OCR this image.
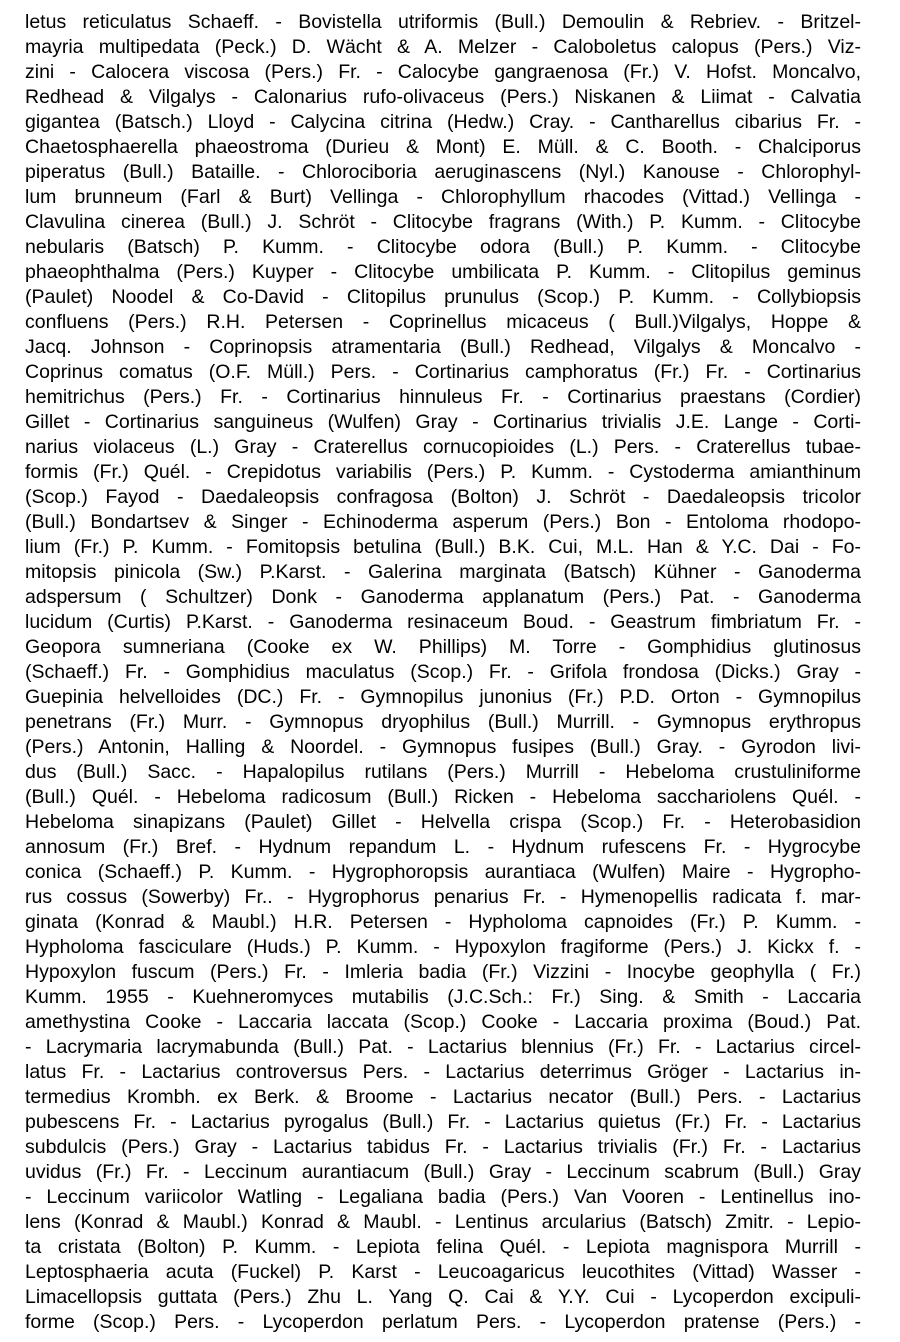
letus reticulatus Schaeff. - Bovistella utriformis (Bull.) Demoulin & Rebriev. - Britzel-
mayria multipedata (Peck.) D. Wächt & A. Melzer - Caloboletus calopus (Pers.) Viz-
zini - Calocera viscosa (Pers.) Fr. - Calocybe gangraenosa (Fr.) V. Hofst. Moncalvo,
Redhead & Vilgalys - Calonarius rufo-olivaceus (Pers.) Niskanen & Liimat - Calvatia
gigantea (Batsch.) Lloyd - Calycina citrina (Hedw.) Cray. - Cantharellus cibarius Fr. -
Chaetosphaerella phaeostroma (Durieu & Mont) E. Müll. & C. Booth. - Chalciporus
piperatus (Bull.) Bataille. - Chlorociboria aeruginascens (Nyl.) Kanouse - Chlorophyl-
lum brunneum (Farl & Burt) Vellinga - Chlorophyllum rhacodes (Vittad.) Vellinga -
Clavulina cinerea (Bull.) J. Schröt - Clitocybe fragrans (With.) P. Kumm. - Clitocybe
nebularis (Batsch) P. Kumm. - Clitocybe odora (Bull.) P. Kumm. - Clitocybe
phaeophthalma (Pers.) Kuyper - Clitocybe umbilicata P. Kumm. - Clitopilus geminus
(Paulet) Noodel & Co-David - Clitopilus prunulus (Scop.) P. Kumm. - Collybiopsis
confluens (Pers.) R.H. Petersen - Coprinellus micaceus ( Bull.)Vilgalys, Hoppe &
Jacq. Johnson - Coprinopsis atramentaria (Bull.) Redhead, Vilgalys & Moncalvo -
Coprinus comatus (O.F. Müll.) Pers. - Cortinarius camphoratus (Fr.) Fr. - Cortinarius
hemitrichus (Pers.) Fr. - Cortinarius hinnuleus Fr. - Cortinarius praestans (Cordier)
Gillet - Cortinarius sanguineus (Wulfen) Gray - Cortinarius trivialis J.E. Lange - Corti-
narius violaceus (L.) Gray - Craterellus cornucopioides (L.) Pers. - Craterellus tubae-
formis (Fr.) Quél. - Crepidotus variabilis (Pers.) P. Kumm. - Cystoderma amianthinum
(Scop.) Fayod - Daedaleopsis confragosa (Bolton) J. Schröt - Daedaleopsis tricolor
(Bull.) Bondartsev & Singer - Echinoderma asperum (Pers.) Bon - Entoloma rhodopo-
lium (Fr.) P. Kumm. - Fomitopsis betulina (Bull.) B.K. Cui, M.L. Han & Y.C. Dai - Fo-
mitopsis pinicola (Sw.) P.Karst. - Galerina marginata (Batsch) Kühner - Ganoderma
adspersum ( Schultzer) Donk - Ganoderma applanatum (Pers.) Pat. - Ganoderma
lucidum (Curtis) P.Karst. - Ganoderma resinaceum Boud. - Geastrum fimbriatum Fr. -
Geopora sumneriana (Cooke ex W. Phillips) M. Torre - Gomphidius glutinosus
(Schaeff.) Fr. - Gomphidius maculatus (Scop.) Fr. - Grifola frondosa (Dicks.) Gray -
Guepinia helvelloides (DC.) Fr. - Gymnopilus junonius (Fr.) P.D. Orton - Gymnopilus
penetrans (Fr.) Murr. - Gymnopus dryophilus (Bull.) Murrill. - Gymnopus erythropus
(Pers.) Antonin, Halling & Noordel. - Gymnopus fusipes (Bull.) Gray. - Gyrodon livi-
dus (Bull.) Sacc. - Hapalopilus rutilans (Pers.) Murrill - Hebeloma crustuliniforme
(Bull.) Quél. - Hebeloma radicosum (Bull.) Ricken - Hebeloma sacchariolens Quél. -
Hebeloma sinapizans (Paulet) Gillet - Helvella crispa (Scop.) Fr. - Heterobasidion
annosum (Fr.) Bref. - Hydnum repandum L. - Hydnum rufescens Fr. - Hygrocybe
conica (Schaeff.) P. Kumm. - Hygrophoropsis aurantiaca (Wulfen) Maire - Hygropho-
rus cossus (Sowerby) Fr.. - Hygrophorus penarius Fr. - Hymenopellis radicata f. mar-
ginata (Konrad & Maubl.) H.R. Petersen - Hypholoma capnoides (Fr.) P. Kumm. -
Hypholoma fasciculare (Huds.) P. Kumm. - Hypoxylon fragiforme (Pers.) J. Kickx f. -
Hypoxylon fuscum (Pers.) Fr. - Imleria badia (Fr.) Vizzini - Inocybe geophylla ( Fr.)
Kumm. 1955 - Kuehneromyces mutabilis (J.C.Sch.: Fr.) Sing. & Smith - Laccaria
amethystina Cooke - Laccaria laccata (Scop.) Cooke - Laccaria proxima (Boud.) Pat.
- Lacrymaria lacrymabunda (Bull.) Pat. - Lactarius blennius (Fr.) Fr. - Lactarius circel-
latus Fr. - Lactarius controversus Pers. - Lactarius deterrimus Gröger - Lactarius in-
termedius Krombh. ex Berk. & Broome - Lactarius necator (Bull.) Pers. - Lactarius
pubescens Fr. - Lactarius pyrogalus (Bull.) Fr. - Lactarius quietus (Fr.) Fr. - Lactarius
subdulcis (Pers.) Gray - Lactarius tabidus Fr. - Lactarius trivialis (Fr.) Fr. - Lactarius
uvidus (Fr.) Fr. - Leccinum aurantiacum (Bull.) Gray - Leccinum scabrum (Bull.) Gray
- Leccinum variicolor Watling - Legaliana badia (Pers.) Van Vooren - Lentinellus ino-
lens (Konrad & Maubl.) Konrad & Maubl. - Lentinus arcularius (Batsch) Zmitr. - Lepio-
ta cristata (Bolton) P. Kumm. - Lepiota felina Quél. - Lepiota magnispora Murrill -
Leptosphaeria acuta (Fuckel) P. Karst - Leucoagaricus leucothites (Vittad) Wasser -
Limacellopsis guttata (Pers.) Zhu L. Yang Q. Cai & Y.Y. Cui - Lycoperdon excipuli-
forme (Scop.) Pers. - Lycoperdon perlatum Pers. - Lycoperdon pratense (Pers.) -
